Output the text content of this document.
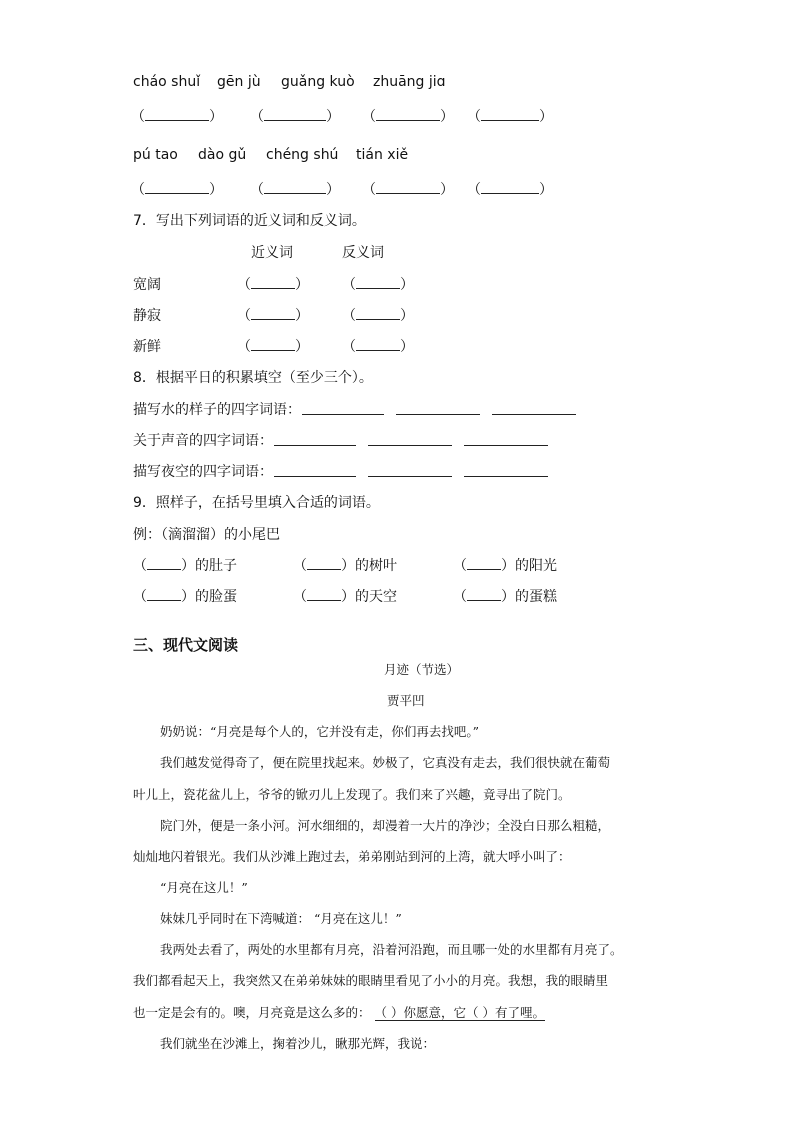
cháo shuǐ gēn jù guǎng kuò zhuāng jiɑ
（	） （	） （	） （	）
pú tao dào gǔ chéng shú tián xiě
（	） （	） （	） （	）
7．写出下列词语的近义词和反义词。
近义词	反义词
宽阔	（	） （	）
静寂	（	） （	）
新鲜	（	） （	）
8．根据平日的积累填空（至少三个）。
描写水的样子的四字词语：
关于声音的四字词语：
描写夜空的四字词语：
9．照样子，在括号里填入合适的词语。
例：（滴溜溜）的小尾巴
（ ）的肚子	（ ）的树叶	（ ）的阳光
（ ）的脸蛋	（ ）的天空	（ ）的蛋糕
三、现代文阅读
月迹（节选）
贾平凹
奶奶说：“月亮是每个人的，它并没有走，你们再去找吧。”
我们越发觉得奇了，便在院里找起来。妙极了，它真没有走去，我们很快就在葡萄
叶儿上，瓷花盆儿上，爷爷的锨刃儿上发现了。我们来了兴趣，竟寻出了院门。
院门外，便是一条小河。河水细细的，却漫着一大片的净沙；全没白日那么粗糙，
灿灿地闪着银光。我们从沙滩上跑过去，弟弟刚站到河的上湾，就大呼小叫了：
“月亮在这儿！”
妹妹几乎同时在下湾喊道： “月亮在这儿！”
我两处去看了，两处的水里都有月亮，沿着河沿跑，而且哪一处的水里都有月亮了。
我们都看起天上，我突然又在弟弟妹妹的眼睛里看见了小小的月亮。我想，我的眼睛里
也一定是会有的。噢，月亮竟是这么多的： （ ）你愿意，它（ ）有了哩。
我们就坐在沙滩上，掬着沙儿，瞅那光辉，我说：
